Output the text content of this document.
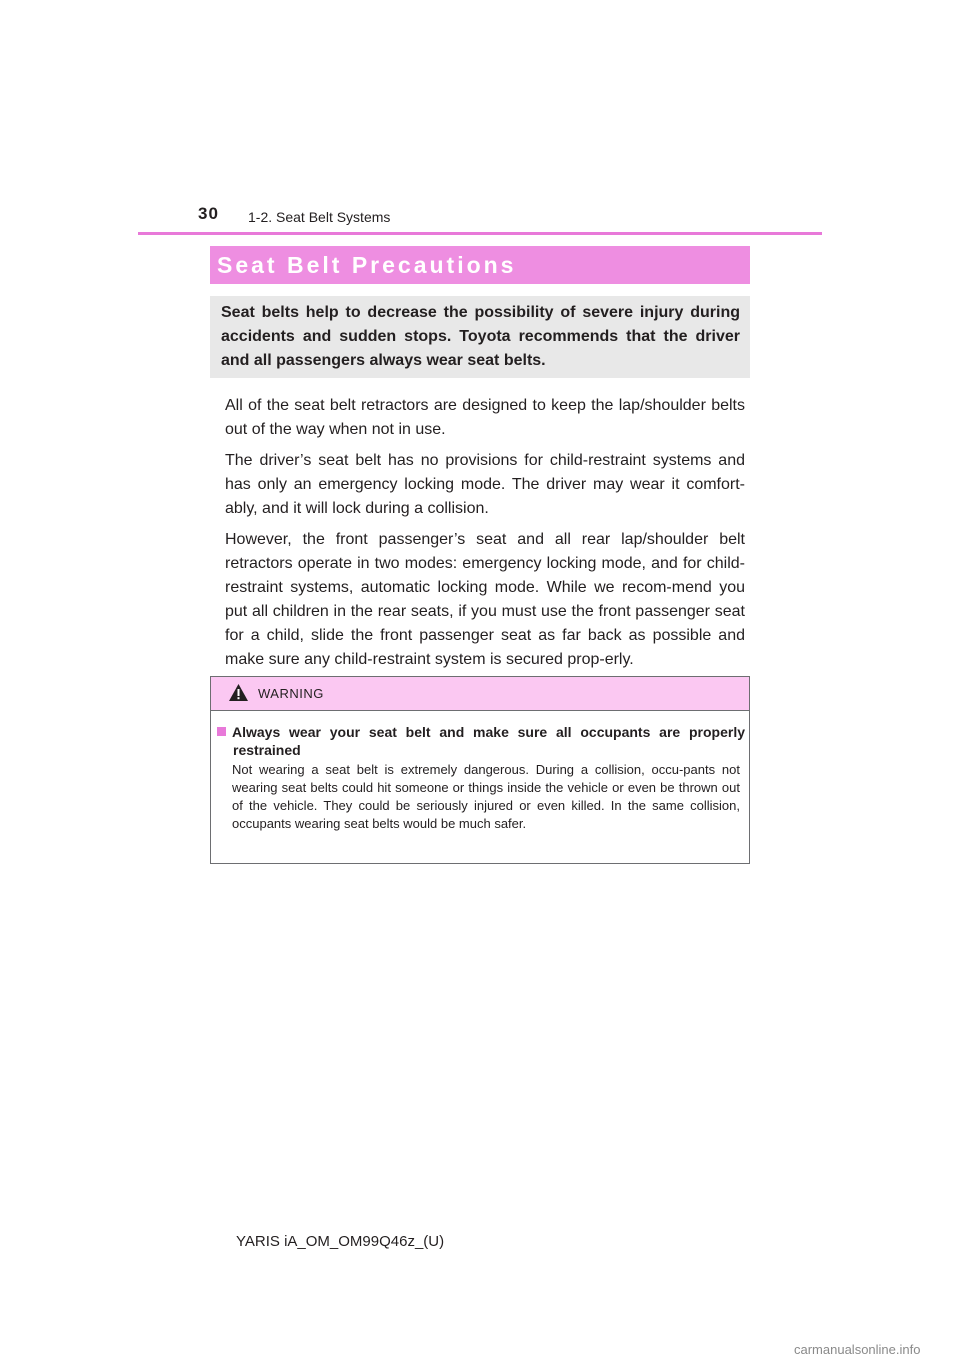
30 1-2. Seat Belt Systems
Seat Belt Precautions
Seat belts help to decrease the possibility of severe injury during accidents and sudden stops. Toyota recommends that the driver and all passengers always wear seat belts.

All of the seat belt retractors are designed to keep the lap/shoulder belts out of the way when not in use.

The driver’s seat belt has no provisions for child-restraint systems and has only an emergency locking mode. The driver may wear it comfort-ably, and it will lock during a collision.

However, the front passenger’s seat and all rear lap/shoulder belt retractors operate in two modes: emergency locking mode, and for child-restraint systems, automatic locking mode. While we recom-mend you put all children in the rear seats, if you must use the front passenger seat for a child, slide the front passenger seat as far back as possible and make sure any child-restraint system is secured prop-erly.

WARNING
Always wear your seat belt and make sure all occupants are properly
restrained
Not wearing a seat belt is extremely dangerous. During a collision, occu-pants not wearing seat belts could hit someone or things inside the vehicle or even be thrown out of the vehicle. They could be seriously injured or even killed. In the same collision, occupants wearing seat belts would be much safer.
YARIS iA_OM_OM99Q46z_(U)
carmanualsonline.info
